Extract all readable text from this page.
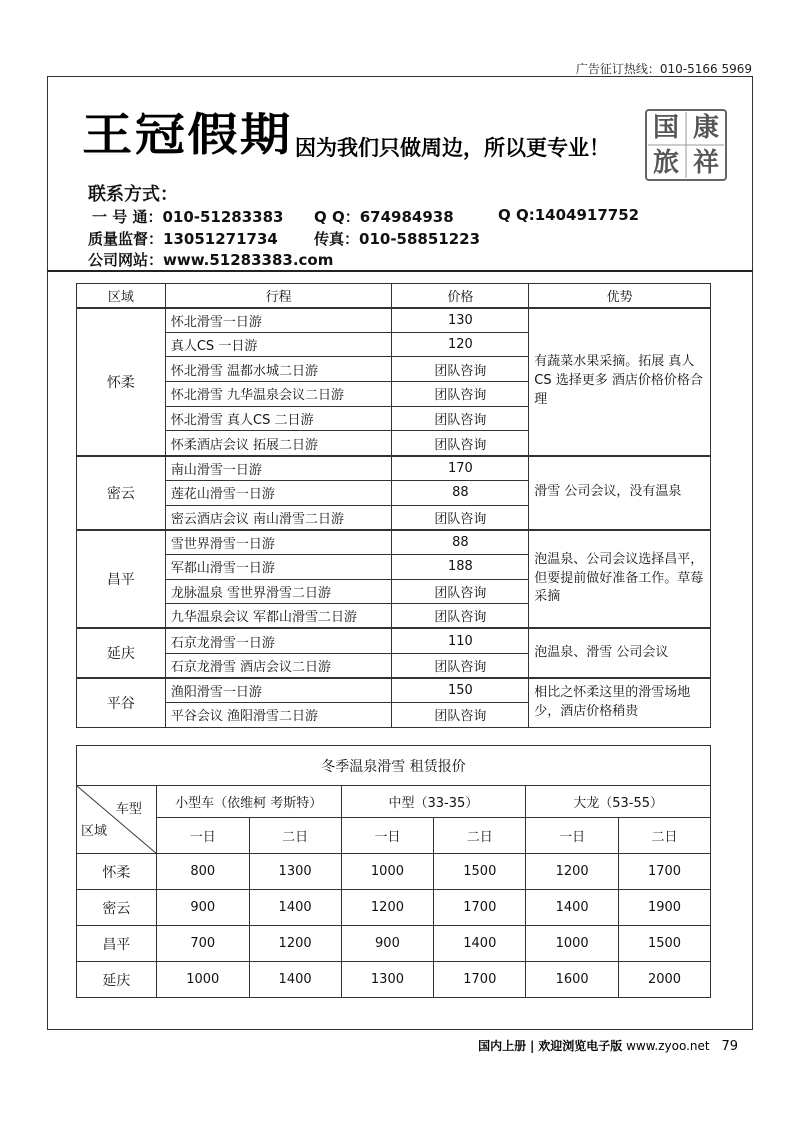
广告征订热线：010-5166 5969
王冠假期 因为我们只做周边，所以更专业！
国 康
旅 祥
联系方式：
一 号 通：010-51283383 Q Q：674984938	Q Q:1404917752
质量监督：13051271734 传真：010-58851223
公司网站：www.51283383.com
区域	行程	价格	优势
怀柔	怀北滑雪一日游	130	有蔬菜水果采摘。拓展 真人CS 选择更多 酒店价格价格合理
	真人CS 一日游	120	
	怀北滑雪 温都水城二日游	团队咨询	
	怀北滑雪 九华温泉会议二日游	团队咨询	
	怀北滑雪 真人CS 二日游	团队咨询	
	怀柔酒店会议 拓展二日游	团队咨询	
密云	南山滑雪一日游	170	滑雪 公司会议，没有温泉
	莲花山滑雪一日游	88	
	密云酒店会议 南山滑雪二日游	团队咨询	
昌平	雪世界滑雪一日游	88	泡温泉、公司会议选择昌平，但要提前做好准备工作。草莓采摘
	军都山滑雪一日游	188	
	龙脉温泉 雪世界滑雪二日游	团队咨询	
	九华温泉会议 军都山滑雪二日游	团队咨询	
延庆	石京龙滑雪一日游	110	泡温泉、滑雪 公司会议
	石京龙滑雪 酒店会议二日游	团队咨询	
平谷	渔阳滑雪一日游	150	相比之怀柔这里的滑雪场地少，酒店价格稍贵
	平谷会议 渔阳滑雪二日游	团队咨询	
冬季温泉滑雪 租赁报价						

车型
区域	小型车（依维柯 考斯特）		中型（33-35）		大龙（53-55）	
	一日	二日	一日	二日	一日	二日
怀柔	800	1300	1000	1500	1200	1700
密云	900	1400	1200	1700	1400	1900
昌平	700	1200	900	1400	1000	1500
延庆	1000	1400	1300	1700	1600	2000
国内上册 | 欢迎浏览电子版 www.zyoo.net 79
